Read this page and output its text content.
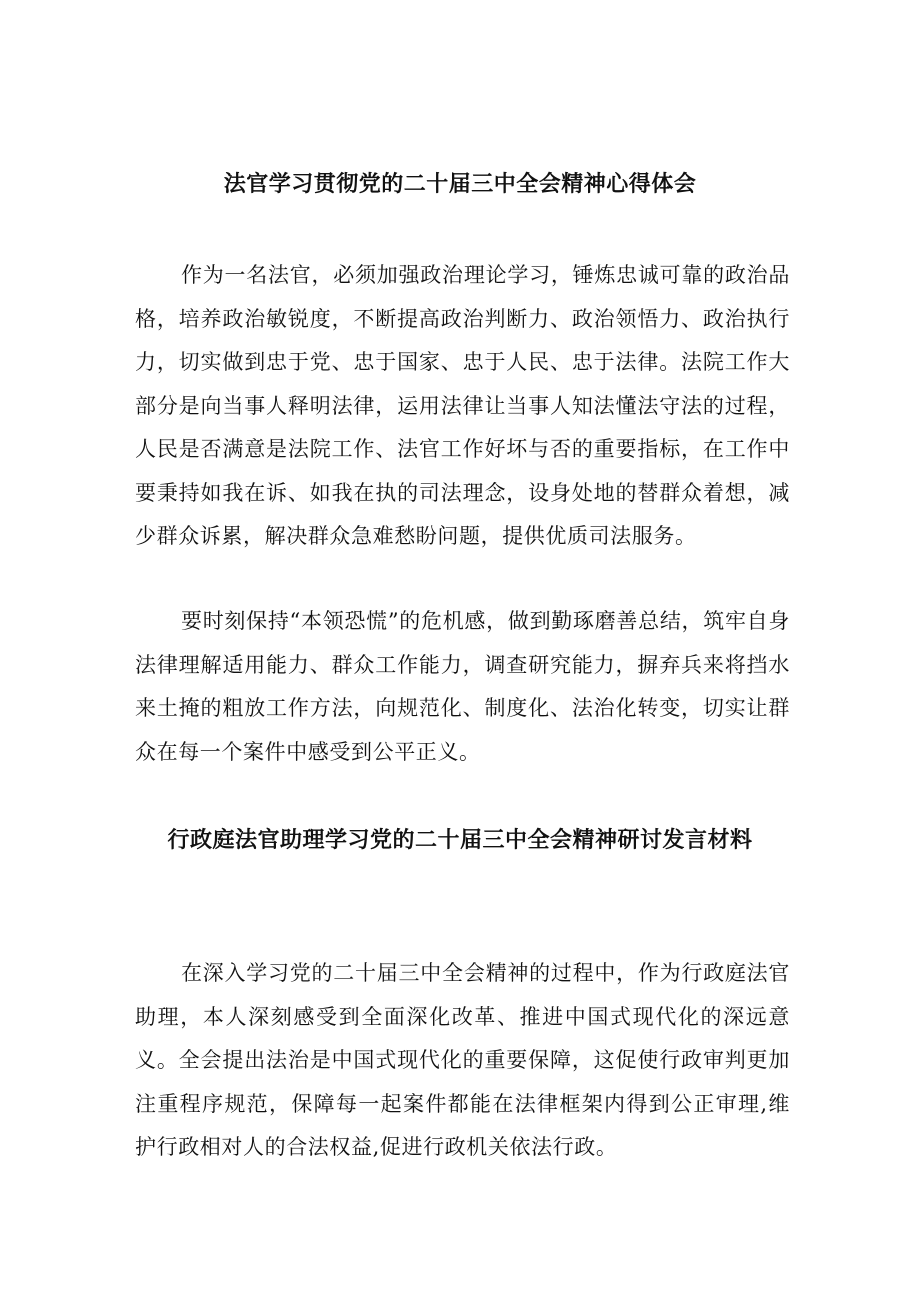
法官学习贯彻党的二十届三中全会精神心得体会
作为一名法官，必须加强政治理论学习，锤炼忠诚可靠的政治品格，培养政治敏锐度，不断提高政治判断力、政治领悟力、政治执行力，切实做到忠于党、忠于国家、忠于人民、忠于法律。法院工作大部分是向当事人释明法律，运用法律让当事人知法懂法守法的过程，人民是否满意是法院工作、法官工作好坏与否的重要指标，在工作中要秉持如我在诉、如我在执的司法理念，设身处地的替群众着想，减少群众诉累，解决群众急难愁盼问题，提供优质司法服务。
要时刻保持“本领恐慌”的危机感，做到勤琢磨善总结，筑牢自身法律理解适用能力、群众工作能力，调查研究能力，摒弃兵来将挡水来土掩的粗放工作方法，向规范化、制度化、法治化转变，切实让群众在每一个案件中感受到公平正义。
行政庭法官助理学习党的二十届三中全会精神研讨发言材料
在深入学习党的二十届三中全会精神的过程中，作为行政庭法官助理，本人深刻感受到全面深化改革、推进中国式现代化的深远意义。全会提出法治是中国式现代化的重要保障，这促使行政审判更加注重程序规范，保障每一起案件都能在法律框架内得到公正审理,维护行政相对人的合法权益,促进行政机关依法行政。
